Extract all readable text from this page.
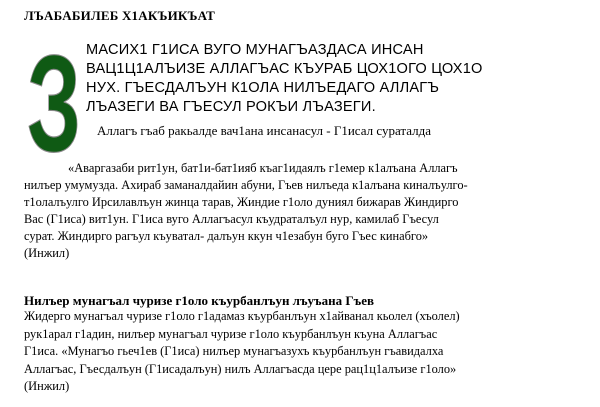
ЛЪАБАБИЛЕБ Х1АКЪИКЪАТ
З МАСИХ1 Г1ИСА ВУГО МУНАГЪАЗДАСА ИНСАН
ВАЦ1Ц1АЛЪИЗЕ АЛЛАГЪАС КЪУРАБ ЦОХ1ОГО ЦОХ1О
НУХ. ГЪЕСДАЛЪУН К1ОЛА НИЛЪЕДАГО АЛЛАГЪ
ЛЪАЗЕГИ ВА ГЪЕСУЛ РОКЪИ ЛЪАЗЕГИ.
Аллагъ гъаб ракьалде вач1ана инсанасул - Г1исал сураталда
«Аваргазаби рит1ун, бат1и-бат1ияб къаг1идаялъ г1емер к1алъана Аллагъ
нилъер умумузда. Ахираб заманалдайин абуни, Гъев нилъеда к1алъана киналъулго-
т1олалъулго Ирсилавлъун жинца тарав, Жиндие г1оло дуниял бижарав Жиндирго
Вас (Г1иса) вит1ун. Г1иса вуго Аллагъасул къудраталъул нур, камилаб Гъесул
сурат. Жиндирго рагъул къуватал- далъун ккун ч1езабун буго Гъес кинабго»
(Инжил)
Нилъер мунагъал чуризе г1оло къурбанлъун лъуъана Гъев
Жидерго мунагъал чуризе г1оло г1адамаз къурбанлъун х1айванал кьолел (хъолел)
рук1арал г1адин, нилъер мунагъал чуризе г1оло къурбанлъун къуна Аллагъас
Г1иса. «Мунагъо гьеч1ев (Г1иса) нилъер мунагъазухъ къурбанлъун гъавидалха
Аллагъас, Гъесдалъун (Г1исадалъун) нилъ Аллагъасда цере рац1ц1алъизе г1оло»
(Инжил)
